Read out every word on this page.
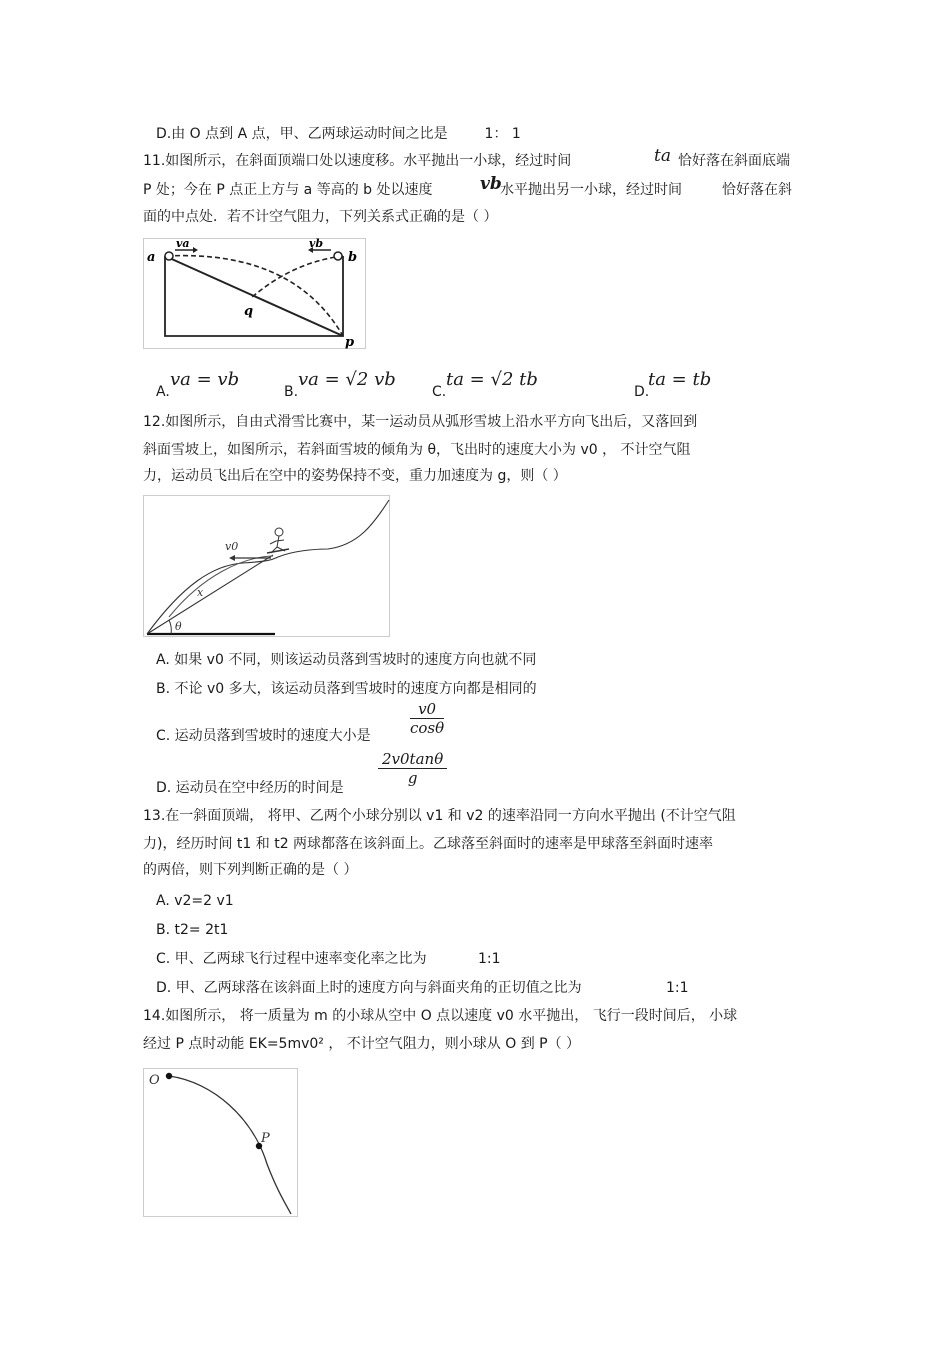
D.由 O 点到 A 点，甲、乙两球运动时间之比是	1： 1
11.如图所示，在斜面顶端口处以速度移。水平抛出一小球，经过时间	ta 恰好落在斜面底端
P 处；今在 P 点正上方与 a 等高的 b 处以速度	vb
水平抛出另一小球，经过时间	恰好落在斜
面的中点处．若不计空气阻力，下列关系式正确的是（ ）
a	b
va	vb
q
p
A.
va = vb
B.
va = √2 vb
C.
ta = √2 tb
D.
ta = tb
12.如图所示，自由式滑雪比赛中，某一运动员从弧形雪坡上沿水平方向飞出后，又落回到
斜面雪坡上，如图所示，若斜面雪坡的倾角为 θ，飞出时的速度大小为 v0 ， 不计空气阻
力，运动员飞出后在空中的姿势保持不变，重力加速度为 g，则（ ）
v0
x
θ
A. 如果 v0 不同，则该运动员落到雪坡时的速度方向也就不同
B. 不论 v0 多大，该运动员落到雪坡时的速度方向都是相同的
C. 运动员落到雪坡时的速度大小是	$\frac{v0}{\cos\theta}$
D. 运动员在空中经历的时间是
$\frac{2v0\tan\theta}{g}$
13.在一斜面顶端， 将甲、乙两个小球分别以 v1 和 v2 的速率沿同一方向水平抛出 (不计空气阻
力)，经历时间 t1 和 t2 两球都落在该斜面上。乙球落至斜面时的速率是甲球落至斜面时速率
的两倍，则下列判断正确的是（ ）
A. v2=2 v1
B. t2= 2t1
C. 甲、乙两球飞行过程中速率变化率之比为	1:1
D. 甲、乙两球落在该斜面上时的速度方向与斜面夹角的正切值之比为	1:1
14.如图所示， 将一质量为 m 的小球从空中 O 点以速度 v0 水平抛出， 飞行一段时间后， 小球
经过 P 点时动能 EK=5mv0² ， 不计空气阻力，则小球从 O 到 P（ ）
O
P
